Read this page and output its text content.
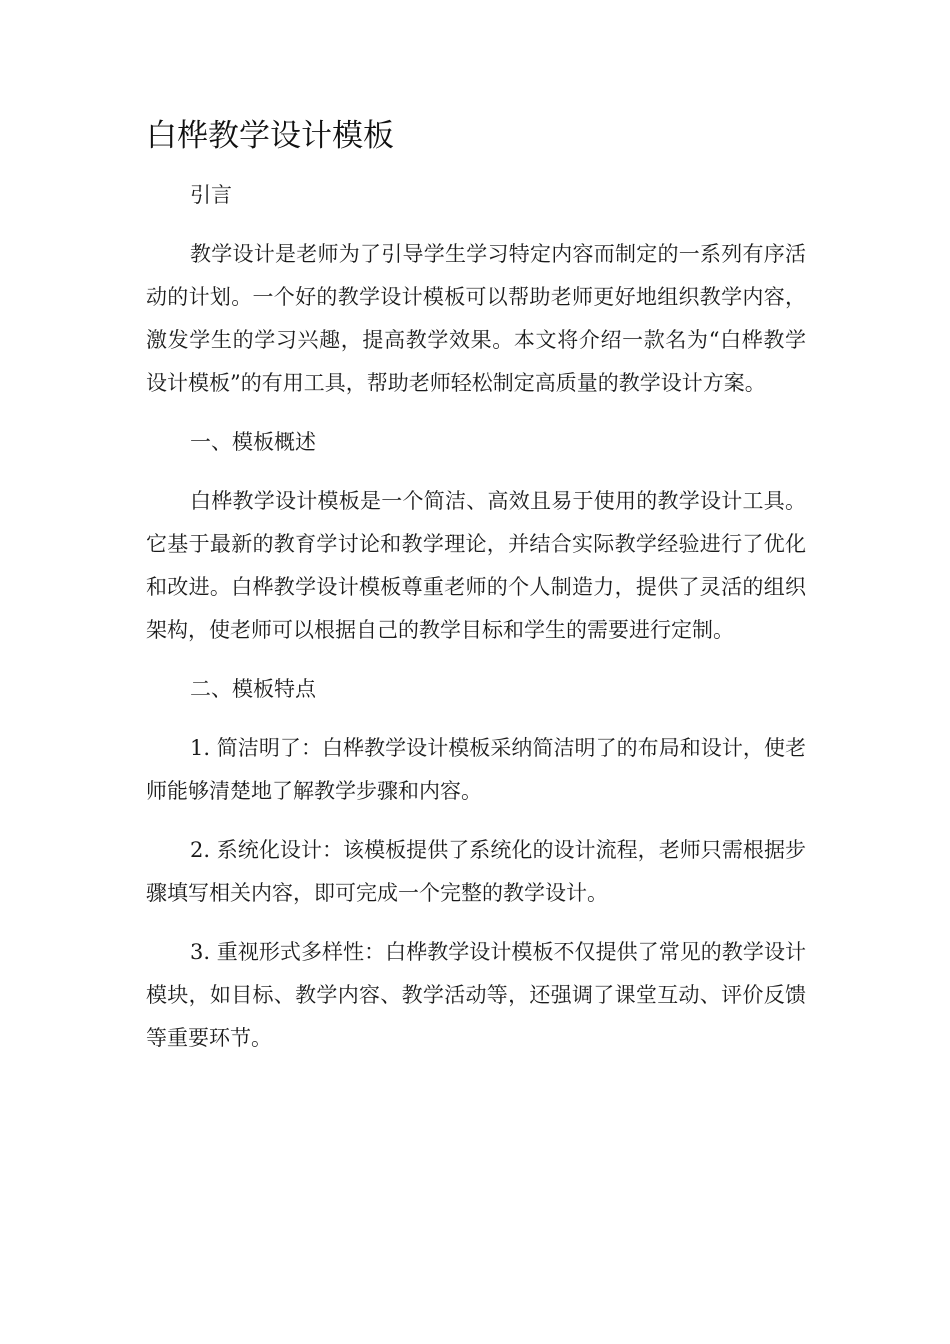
白桦教学设计模板

引言

教学设计是老师为了引导学生学习特定内容而制定的一系列有序活动的计划。一个好的教学设计模板可以帮助老师更好地组织教学内容，激发学生的学习兴趣，提高教学效果。本文将介绍一款名为“白桦教学设计模板”的有用工具，帮助老师轻松制定高质量的教学设计方案。

一、模板概述

白桦教学设计模板是一个简洁、高效且易于使用的教学设计工具。它基于最新的教育学讨论和教学理论，并结合实际教学经验进行了优化和改进。白桦教学设计模板尊重老师的个人制造力，提供了灵活的组织架构，使老师可以根据自己的教学目标和学生的需要进行定制。

二、模板特点

1. 简洁明了：白桦教学设计模板采纳简洁明了的布局和设计，使老师能够清楚地了解教学步骤和内容。

2. 系统化设计：该模板提供了系统化的设计流程，老师只需根据步骤填写相关内容，即可完成一个完整的教学设计。

3. 重视形式多样性：白桦教学设计模板不仅提供了常见的教学设计模块，如目标、教学内容、教学活动等，还强调了课堂互动、评价反馈等重要环节。
